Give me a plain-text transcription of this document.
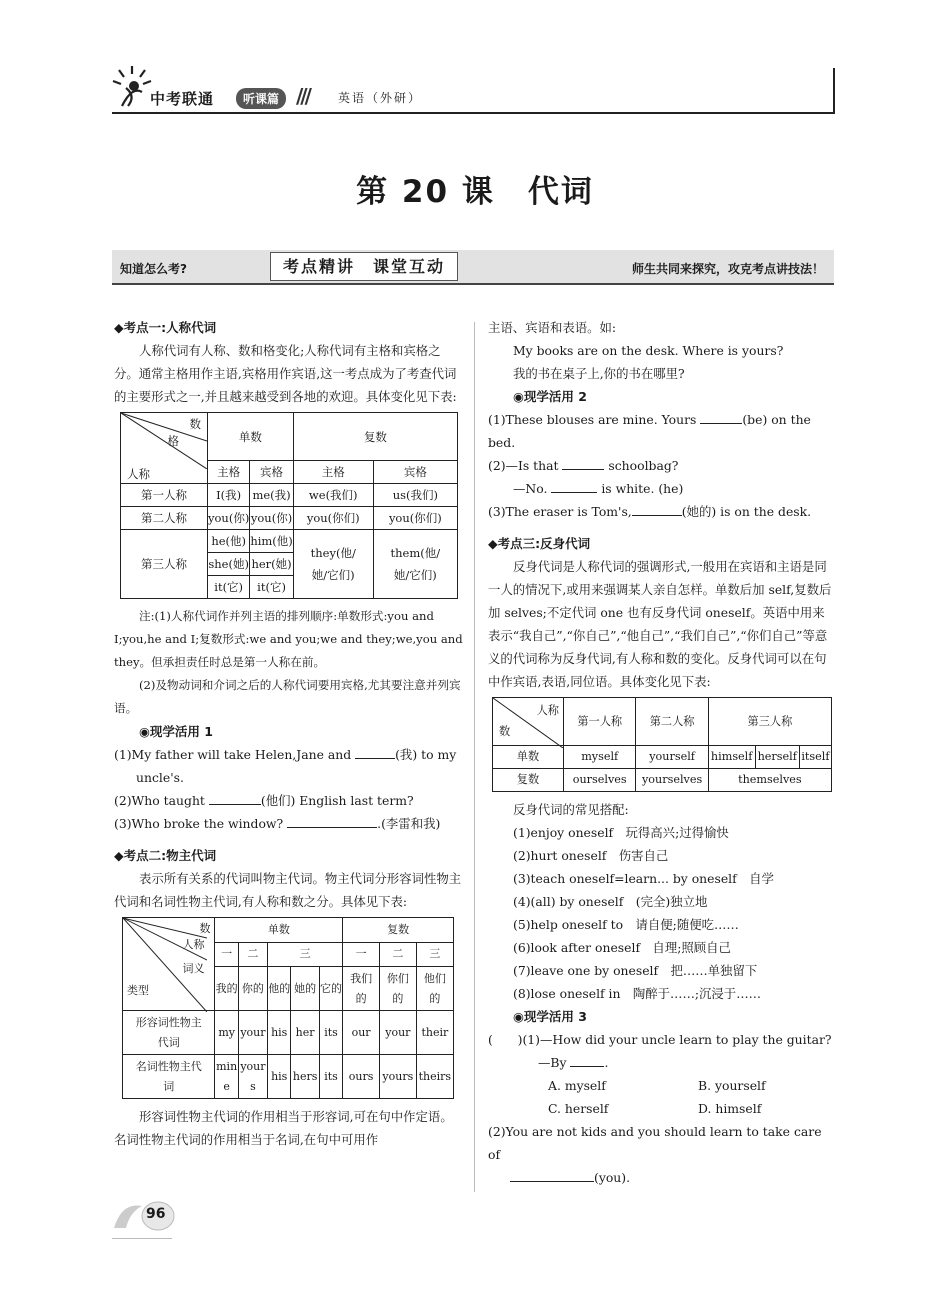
中考联通	听课篇 /// 英语（外研）
第 20 课　代词
知道怎么考?	考点精讲　课堂互动	师生共同来探究，攻克考点讲技法！

◆考点一:人称代词

人称代词有人称、数和格变化;人称代词有主格和宾格之分。通常主格用作主语,宾格用作宾语,这一考点成为了考查代词的主要形式之一,并且越来越受到各地的欢迎。具体变化见下表:

数
格
人称	单数		复数	
	主格	宾格	主格	宾格
第一人称	I(我)	me(我)	we(我们)	us(我们)
第二人称	you(你)	you(你)	you(你们)	you(你们)
第三人称	he(他)	him(他)	they(他/她/它们)	them(他/她/它们)
	she(她)	her(她)		
	it(它)	it(它)		

注:(1)人称代词作并列主语的排列顺序:单数形式:you and I;you,he and I;复数形式:we and you;we and they;we,you and they。但承担责任时总是第一人称在前。

(2)及物动词和介词之后的人称代词要用宾格,尤其要注意并列宾语。

◉现学活用 1

(1)My father will take Helen,Jane and	(我) to my uncle's.

(2)Who taught	(他们) English last term?

(3)Who broke the window?	.(李雷和我)

◆考点二:物主代词

表示所有关系的代词叫物主代词。物主代词分形容词性物主代词和名词性物主代词,有人称和数之分。具体见下表:

数
人称
词义
类型	单数					复数		
	一	二	三			一	二	三
	我的	你的	他的	她的	它的	我们的	你们的	他们的
形容词性物主代词	my	your	his	her	its	our	your	their
名词性物主代词	mine	yours	his	hers	its	ours	yours	theirs

形容词性物主代词的作用相当于形容词,可在句中作定语。名词性物主代词的作用相当于名词,在句中可用作

主语、宾语和表语。如:

My books are on the desk. Where is yours?

我的书在桌子上,你的书在哪里?

◉现学活用 2

(1)These blouses are mine. Yours	(be) on the bed.

(2)—Is that	schoolbag?

—No.	is white. (he)

(3)The eraser is Tom's,	(她的) is on the desk.

◆考点三:反身代词

反身代词是人称代词的强调形式,一般用在宾语和主语是同一人的情况下,或用来强调某人亲自怎样。单数后加 self,复数后加 selves;不定代词 one 也有反身代词 oneself。英语中用来表示“我自己”,“你自己”,“他自己”,“我们自己”,“你们自己”等意义的代词称为反身代词,有人称和数的变化。反身代词可以在句中作宾语,表语,同位语。具体变化见下表:

人称
数	第一人称	第二人称	第三人称		
单数	myself	yourself	himself	herself	itself
复数	ourselves	yourselves	themselves		

反身代词的常见搭配:

(1)enjoy oneself　玩得高兴;过得愉快

(2)hurt oneself　伤害自己

(3)teach oneself=learn... by oneself　自学

(4)(all) by oneself　(完全)独立地

(5)help oneself to　请自便;随便吃……

(6)look after oneself　自理;照顾自己

(7)leave one by oneself　把……单独留下

(8)lose oneself in　陶醉于……;沉浸于……

◉现学活用 3

(　　)(1)—How did your uncle learn to play the guitar?

—By	.

A. myself	B. yourself

C. herself	D. himself

(2)You are not kids and you should learn to take care of

(you).

96
